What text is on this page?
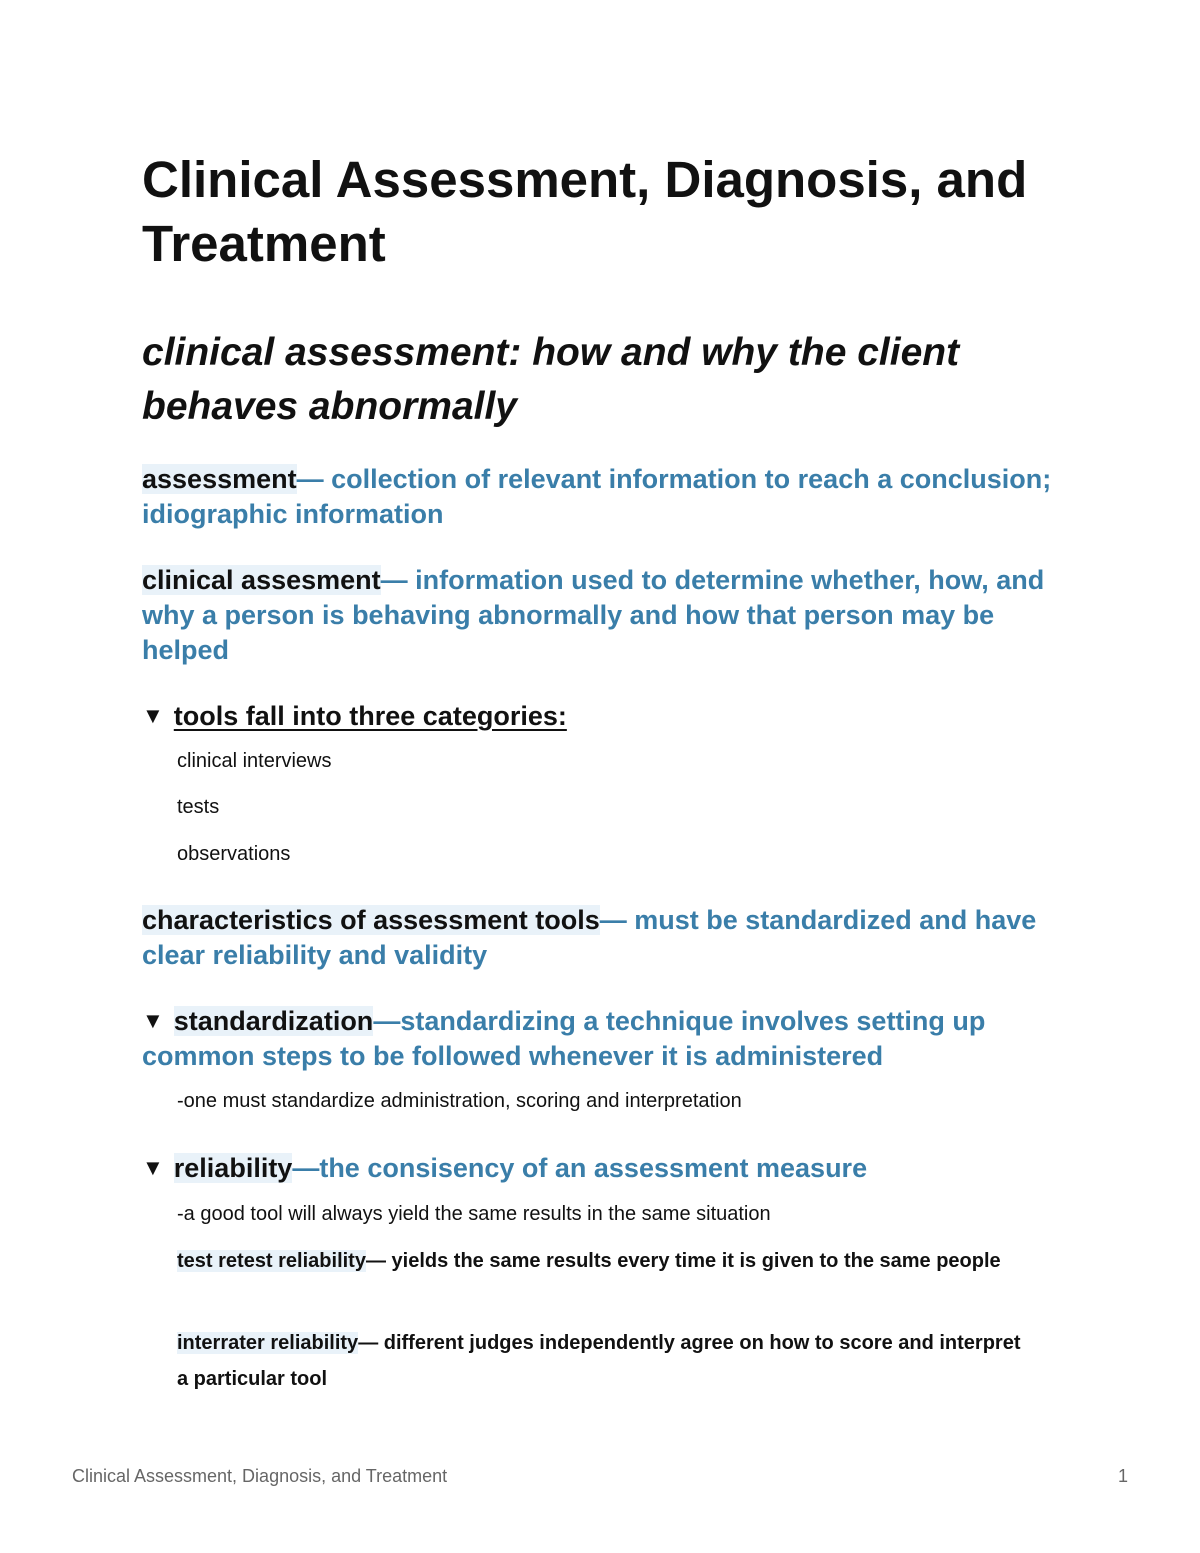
Clinical Assessment, Diagnosis, and Treatment
clinical assessment: how and why the client behaves abnormally

assessment— collection of relevant information to reach a conclusion; idiographic information

clinical assesment— information used to determine whether, how, and why a person is behaving abnormally and how that person may be helped

▼ tools fall into three categories:

clinical interviews

tests

observations

characteristics of assessment tools— must be standardized and have clear reliability and validity

▼ standardization—standardizing a technique involves setting up common steps to be followed whenever it is administered

-one must standardize administration, scoring and interpretation

▼ reliability—the consisency of an assessment measure

-a good tool will always yield the same results in the same situation

test retest reliability— yields the same results every time it is given to the same people

interrater reliability— different judges independently agree on how to score and interpret a particular tool

Clinical Assessment, Diagnosis, and Treatment	1
